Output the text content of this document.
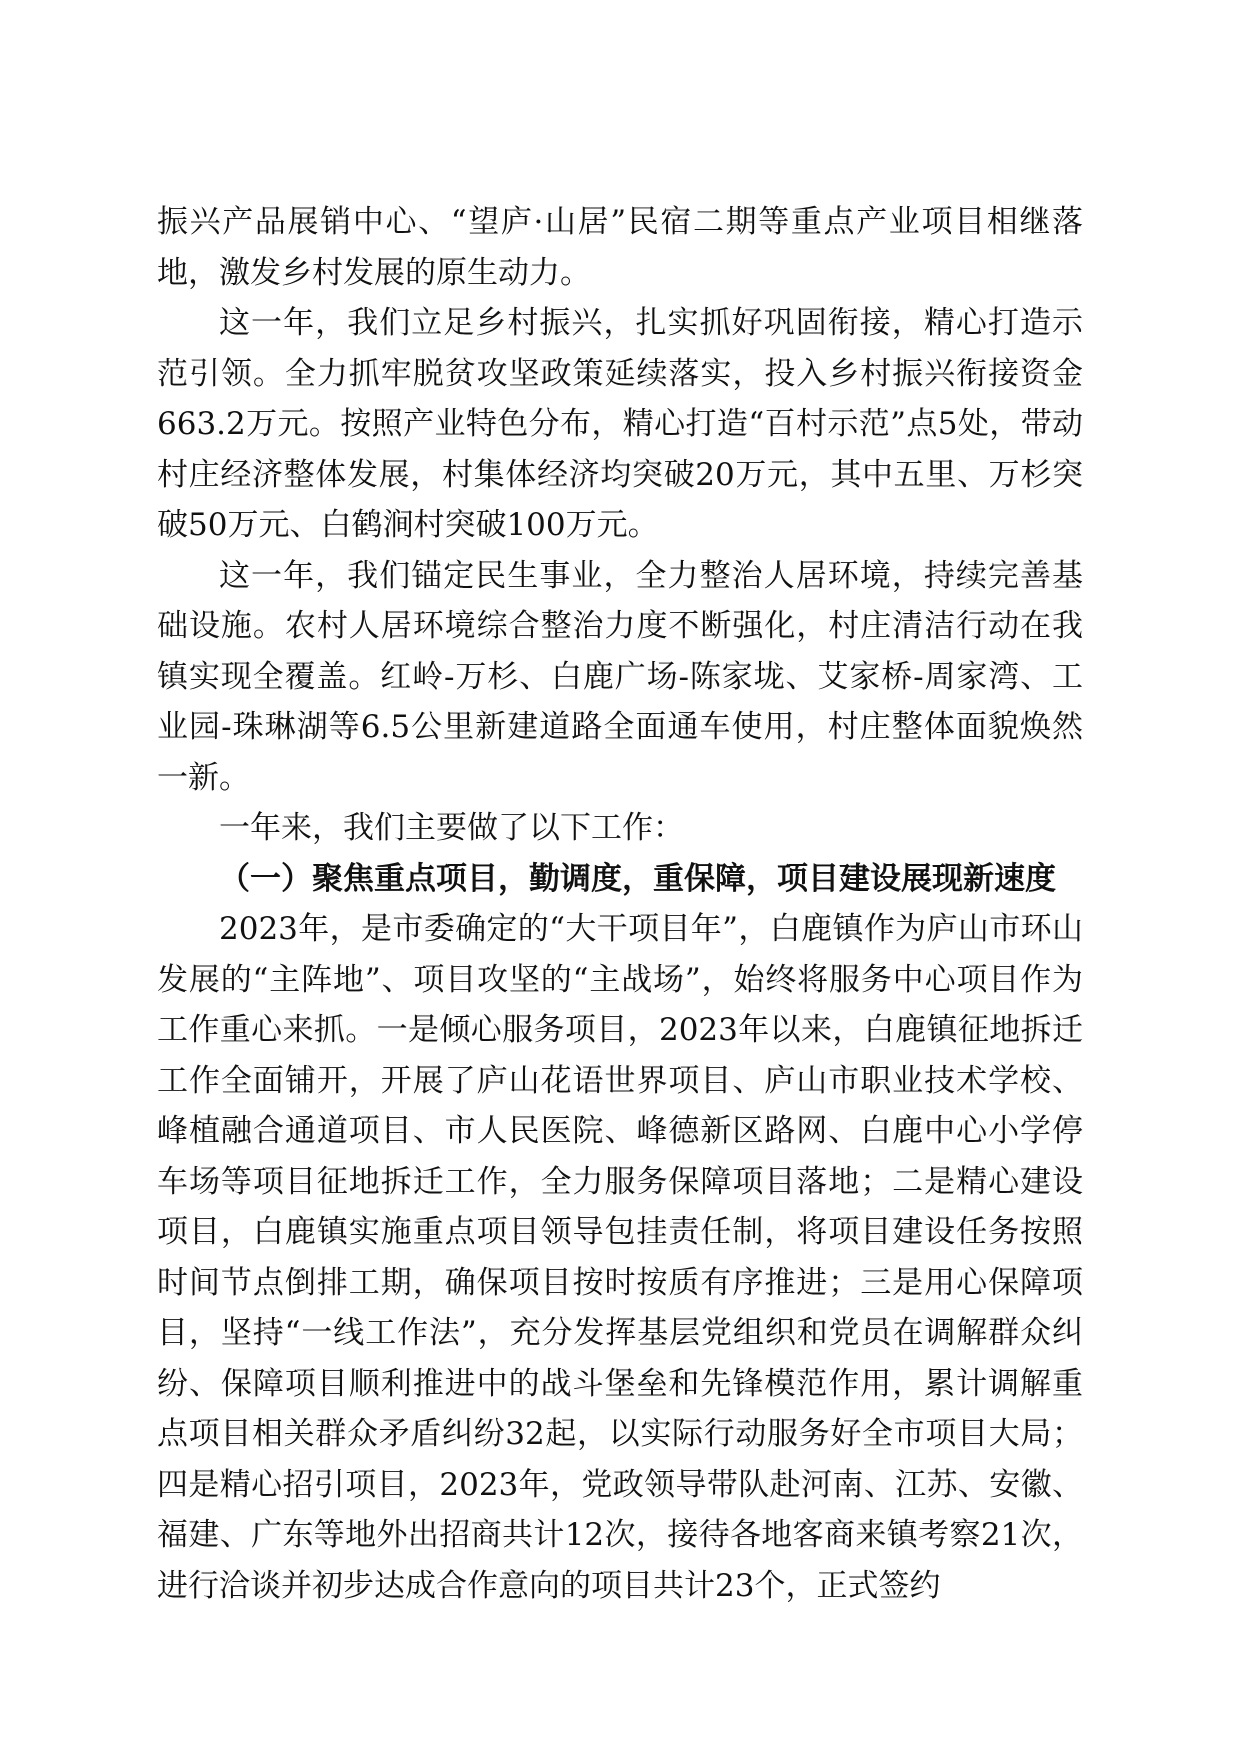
振兴产品展销中心、“望庐·山居”民宿二期等重点产业项目相继落地，激发乡村发展的原生动力。

这一年，我们立足乡村振兴，扎实抓好巩固衔接，精心打造示范引领。全力抓牢脱贫攻坚政策延续落实，投入乡村振兴衔接资金663.2万元。按照产业特色分布，精心打造“百村示范”点5处，带动村庄经济整体发展，村集体经济均突破20万元，其中五里、万杉突破50万元、白鹤涧村突破100万元。

这一年，我们锚定民生事业，全力整治人居环境，持续完善基础设施。农村人居环境综合整治力度不断强化，村庄清洁行动在我镇实现全覆盖。红岭-万杉、白鹿广场-陈家垅、艾家桥-周家湾、工业园-珠琳湖等6.5公里新建道路全面通车使用，村庄整体面貌焕然一新。

一年来，我们主要做了以下工作：

（一）聚焦重点项目，勤调度，重保障，项目建设展现新速度

2023年，是市委确定的“大干项目年”，白鹿镇作为庐山市环山发展的“主阵地”、项目攻坚的“主战场”，始终将服务中心项目作为工作重心来抓。一是倾心服务项目，2023年以来，白鹿镇征地拆迁工作全面铺开，开展了庐山花语世界项目、庐山市职业技术学校、峰植融合通道项目、市人民医院、峰德新区路网、白鹿中心小学停车场等项目征地拆迁工作，全力服务保障项目落地；二是精心建设项目，白鹿镇实施重点项目领导包挂责任制，将项目建设任务按照时间节点倒排工期，确保项目按时按质有序推进；三是用心保障项目，坚持“一线工作法”，充分发挥基层党组织和党员在调解群众纠纷、保障项目顺利推进中的战斗堡垒和先锋模范作用，累计调解重点项目相关群众矛盾纠纷32起，以实际行动服务好全市项目大局；四是精心招引项目，2023年，党政领导带队赴河南、江苏、安徽、福建、广东等地外出招商共计12次，接待各地客商来镇考察21次，进行洽谈并初步达成合作意向的项目共计23个，正式签约
